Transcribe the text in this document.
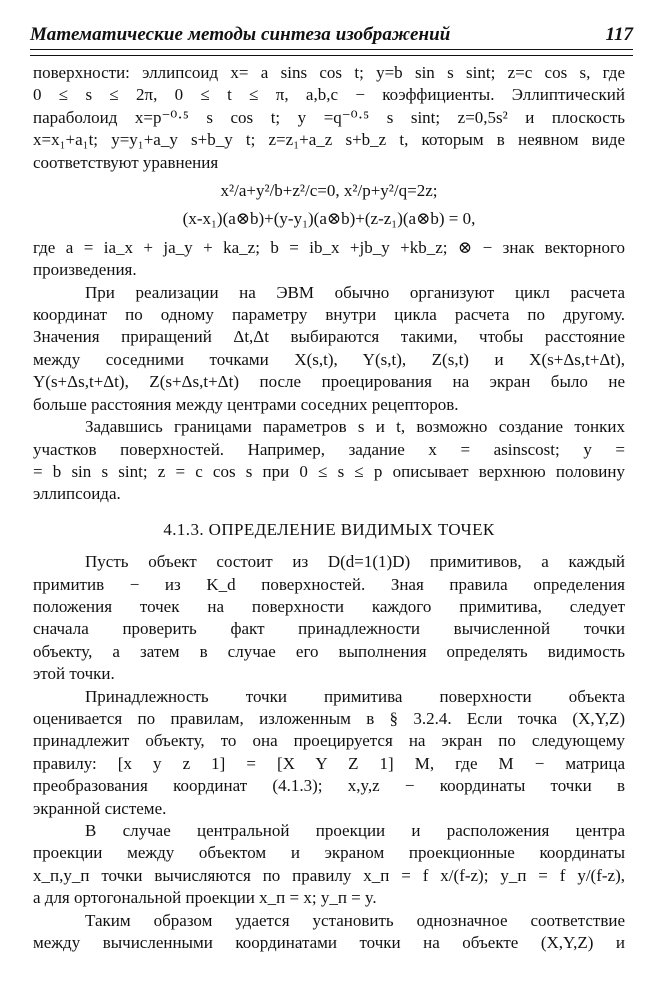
Математические методы синтеза изображений	117
поверхности: эллипсоид x= a sins cos t; y=b sin s sint; z=c cos s, где
0 ≤ s ≤ 2π, 0 ≤ t ≤ π, a,b,c − коэффициенты. Эллиптический
параболоид x=p⁻⁰·⁵ s cos t; y =q⁻⁰·⁵ s sint; z=0,5s² и плоскость
x=x₁+a₁t; y=y₁+a_y s+b_y t; z=z₁+a_z s+b_z t, которым в неявном виде
соответствуют уравнения
x²/a+y²/b+z²/c=0, x²/p+y²/q=2z;
(x-x₁)(a⊗b)+(y-y₁)(a⊗b)+(z-z₁)(a⊗b) = 0,
где a = ia_x + ja_y + ka_z; b = ib_x +jb_y +kb_z; ⊗ − знак векторного
произведения.
При реализации на ЭВМ обычно организуют цикл расчета
координат по одному параметру внутри цикла расчета по другому.
Значения приращений Δt,Δt выбираются такими, чтобы расстояние
между соседними точками X(s,t), Y(s,t), Z(s,t) и X(s+Δs,t+Δt),
Y(s+Δs,t+Δt), Z(s+Δs,t+Δt) после проецирования на экран было не
больше расстояния между центрами соседних рецепторов.
Задавшись границами параметров s и t, возможно создание тонких
участков поверхностей. Например, задание x = asinscost; y =
= b sin s sint; z = c cos s при 0 ≤ s ≤ p описывает верхнюю половину
эллипсоида.
4.1.3. ОПРЕДЕЛЕНИЕ ВИДИМЫХ ТОЧЕК
Пусть объект состоит из D(d=1(1)D) примитивов, а каждый
примитив − из K_d поверхностей. Зная правила определения
положения точек на поверхности каждого примитива, следует
сначала проверить факт принадлежности вычисленной точки
объекту, а затем в случае его выполнения определять видимость
этой точки.
Принадлежность точки примитива поверхности объекта
оценивается по правилам, изложенным в § 3.2.4. Если точка (X,Y,Z)
принадлежит объекту, то она проецируется на экран по следующему
правилу: [x y z 1] = [X Y Z 1] M, где M − матрица
преобразования координат (4.1.3); x,y,z − координаты точки в
экранной системе.
В случае центральной проекции и расположения центра
проекции между объектом и экраном проекционные координаты
x_п,y_п точки вычисляются по правилу x_п = f x/(f-z); y_п = f y/(f-z),
а для ортогональной проекции x_п = x; y_п = y.
Таким образом удается установить однозначное соответствие
между вычисленными координатами точки на объекте (X,Y,Z) и
